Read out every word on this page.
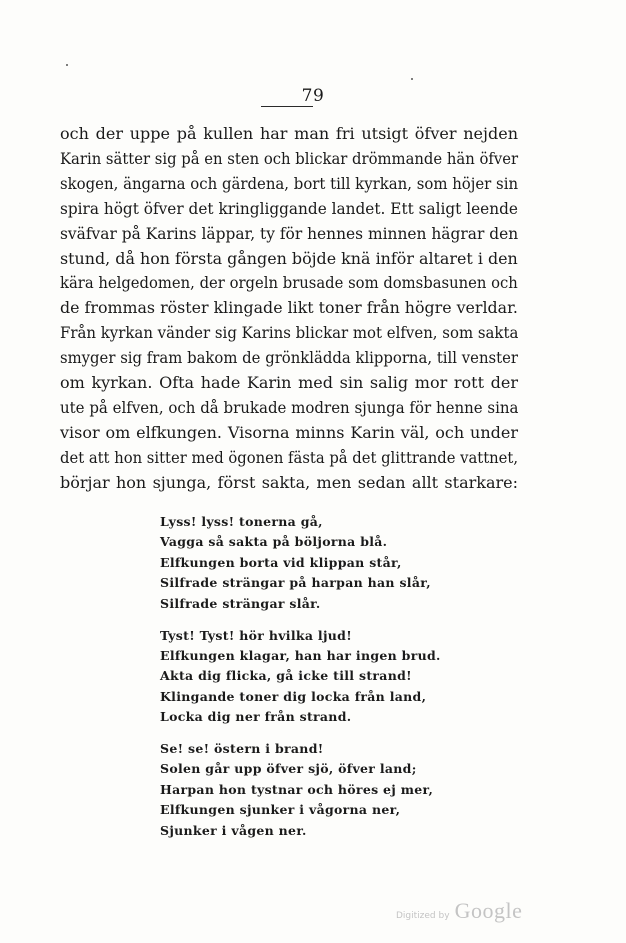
79
och der uppe på kullen har man fri utsigt öfver nejden
Karin sätter sig på en sten och blickar drömmande hän öfver
skogen, ängarna och gärdena, bort till kyrkan, som höjer sin
spira högt öfver det kringliggande landet. Ett saligt leende
sväfvar på Karins läppar, ty för hennes minnen hägrar den
stund, då hon första gången böjde knä inför altaret i den
kära helgedomen, der orgeln brusade som domsbasunen och
de frommas röster klingade likt toner från högre verldar.
Från kyrkan vänder sig Karins blickar mot elfven, som sakta
smyger sig fram bakom de grönklädda klipporna, till venster
om kyrkan. Ofta hade Karin med sin salig mor rott der
ute på elfven, och då brukade modren sjunga för henne sina
visor om elfkungen. Visorna minns Karin väl, och under
det att hon sitter med ögonen fästa på det glittrande vattnet,
börjar hon sjunga, först sakta, men sedan allt starkare:
Lyss! lyss! tonerna gå,
Vagga så sakta på böljorna blå.
Elfkungen borta vid klippan står,
Silfrade strängar på harpan han slår,
Silfrade strängar slår.
Tyst! Tyst! hör hvilka ljud!
Elfkungen klagar, han har ingen brud.
Akta dig flicka, gå icke till strand!
Klingande toner dig locka från land,
Locka dig ner från strand.
Se! se! östern i brand!
Solen går upp öfver sjö, öfver land;
Harpan hon tystnar och höres ej mer,
Elfkungen sjunker i vågorna ner,
Sjunker i vågen ner.
Digitized by Google
